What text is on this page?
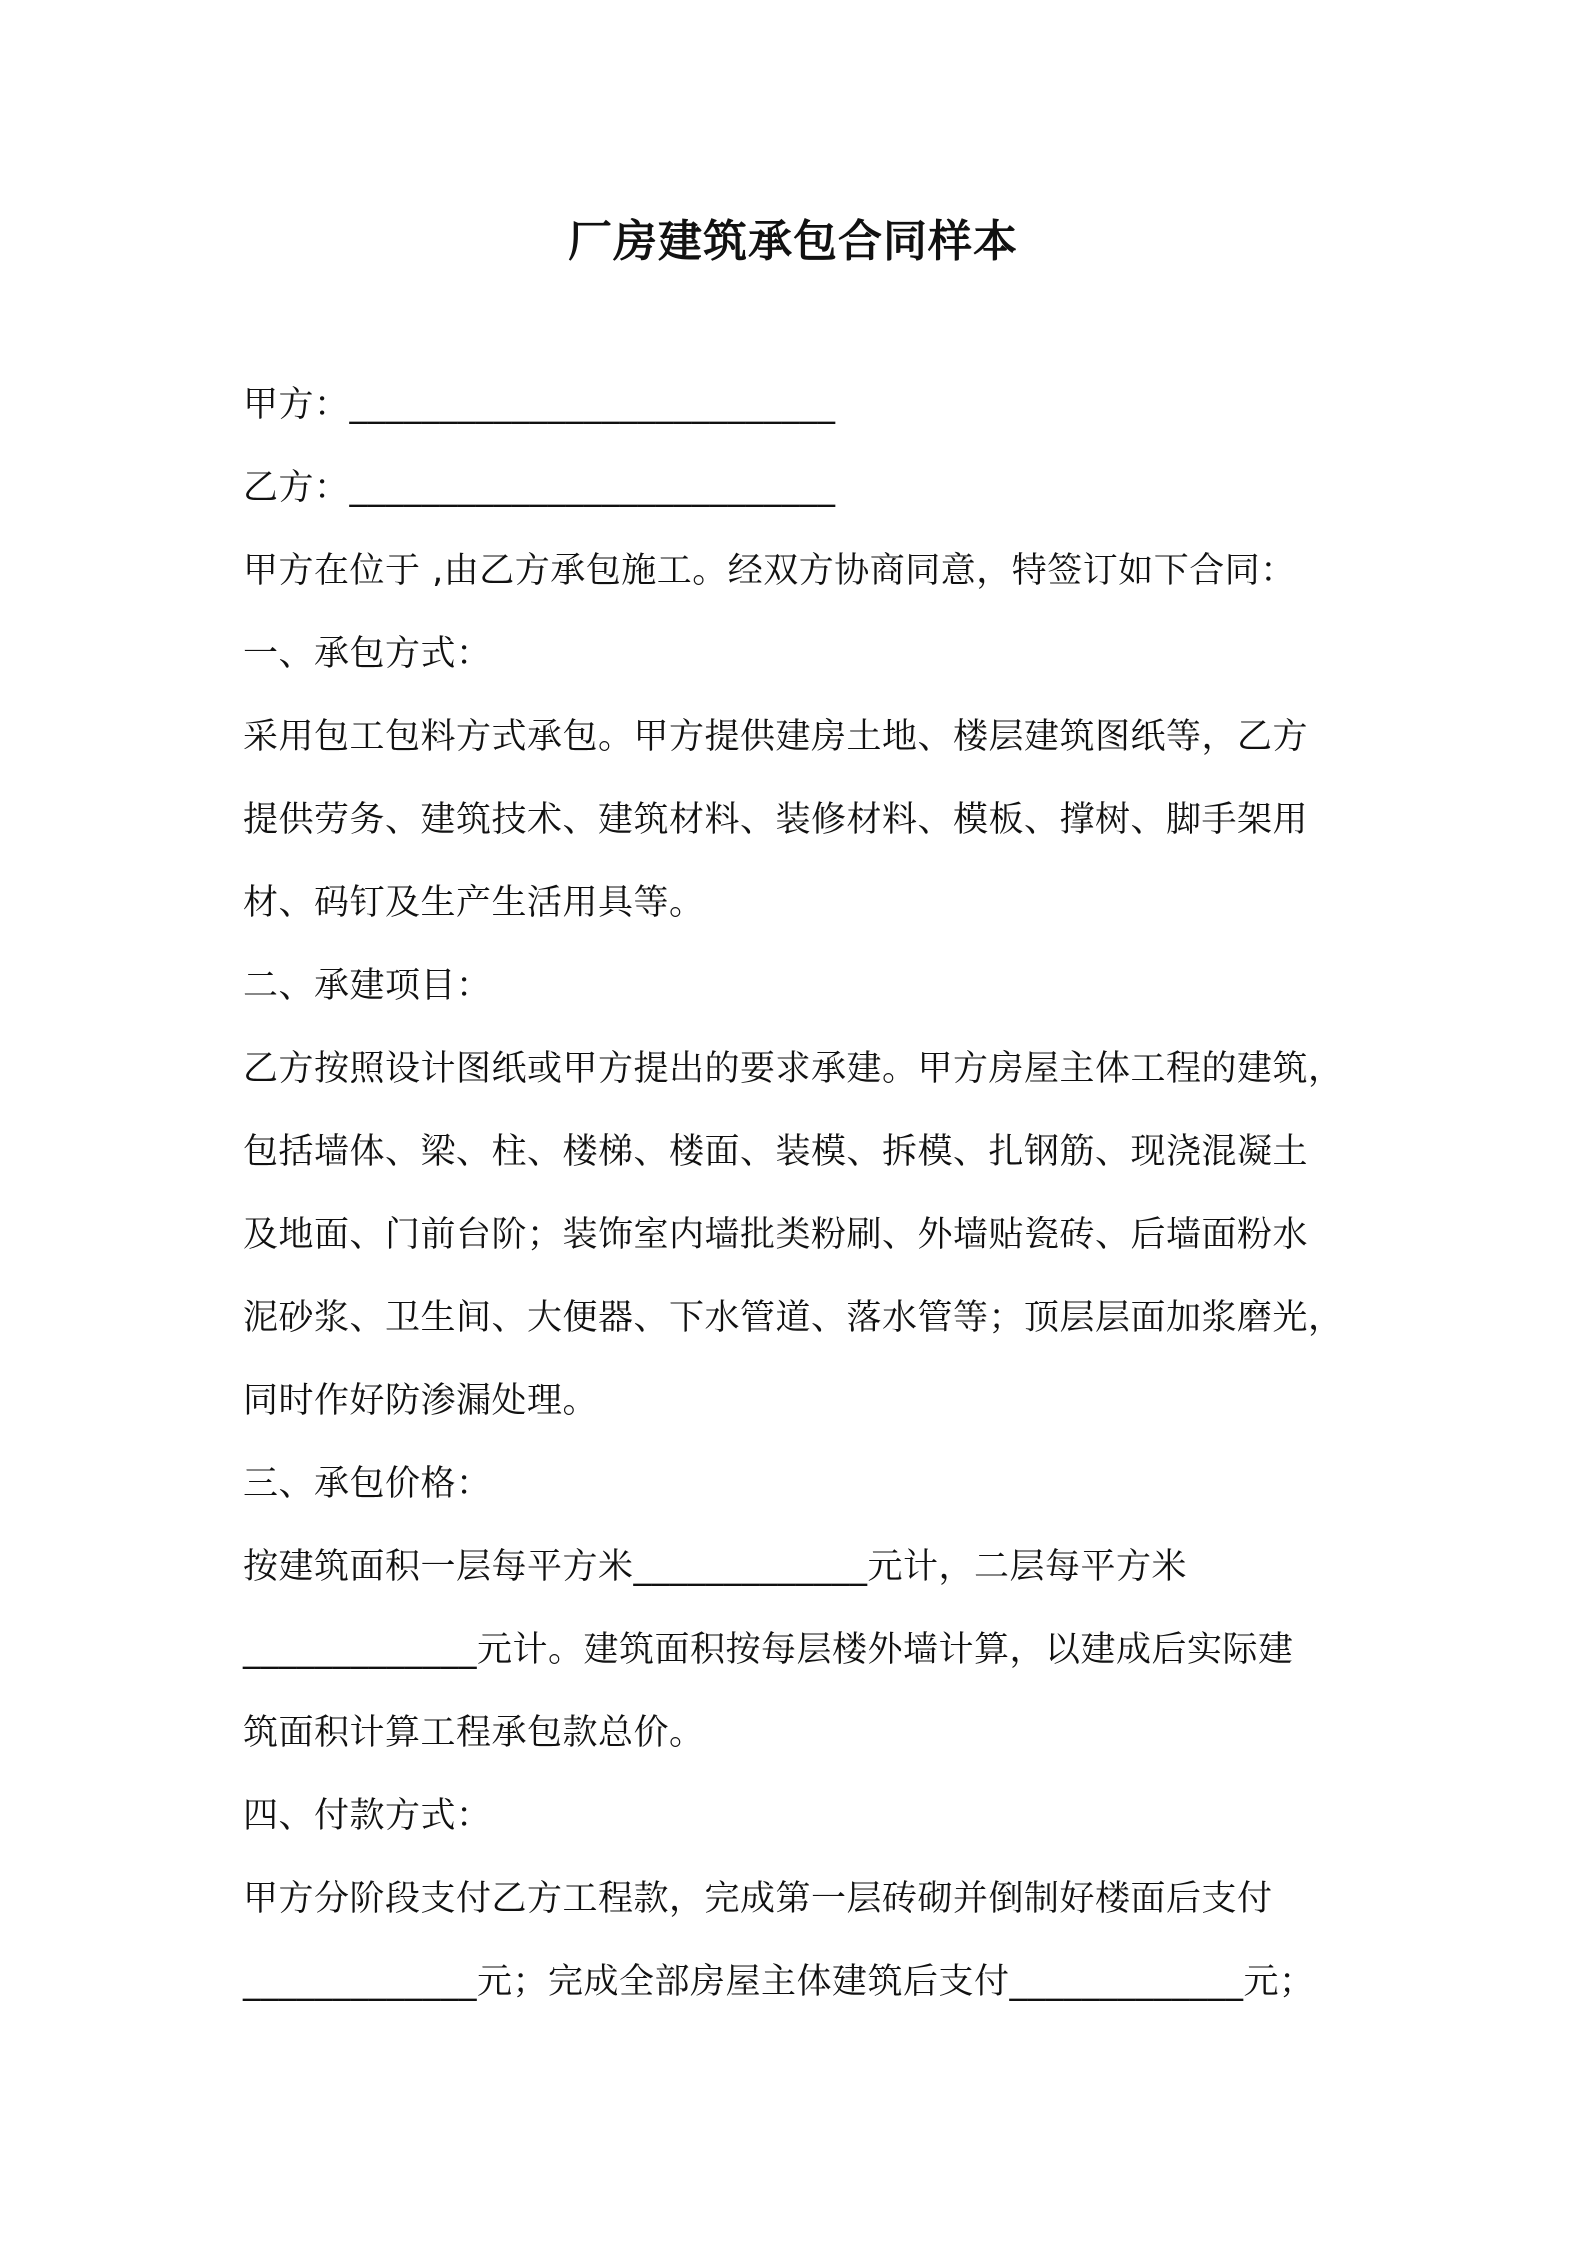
厂房建筑承包合同样本
甲方：___________________________
乙方：___________________________
甲方在位于 ,由乙方承包施工。经双方协商同意，特签订如下合同：
一、承包方式：
采用包工包料方式承包。甲方提供建房土地、楼层建筑图纸等，乙方
提供劳务、建筑技术、建筑材料、装修材料、模板、撑树、脚手架用
材、码钉及生产生活用具等。
二、承建项目：
乙方按照设计图纸或甲方提出的要求承建。甲方房屋主体工程的建筑，
包括墙体、梁、柱、楼梯、楼面、装模、拆模、扎钢筋、现浇混凝土
及地面、门前台阶；装饰室内墙批类粉刷、外墙贴瓷砖、后墙面粉水
泥砂浆、卫生间、大便器、下水管道、落水管等；顶层层面加浆磨光，
同时作好防渗漏处理。
三、承包价格：
按建筑面积一层每平方米_____________元计，二层每平方米
_____________元计。建筑面积按每层楼外墙计算，以建成后实际建
筑面积计算工程承包款总价。
四、付款方式：
甲方分阶段支付乙方工程款，完成第一层砖砌并倒制好楼面后支付
_____________元；完成全部房屋主体建筑后支付_____________元；
